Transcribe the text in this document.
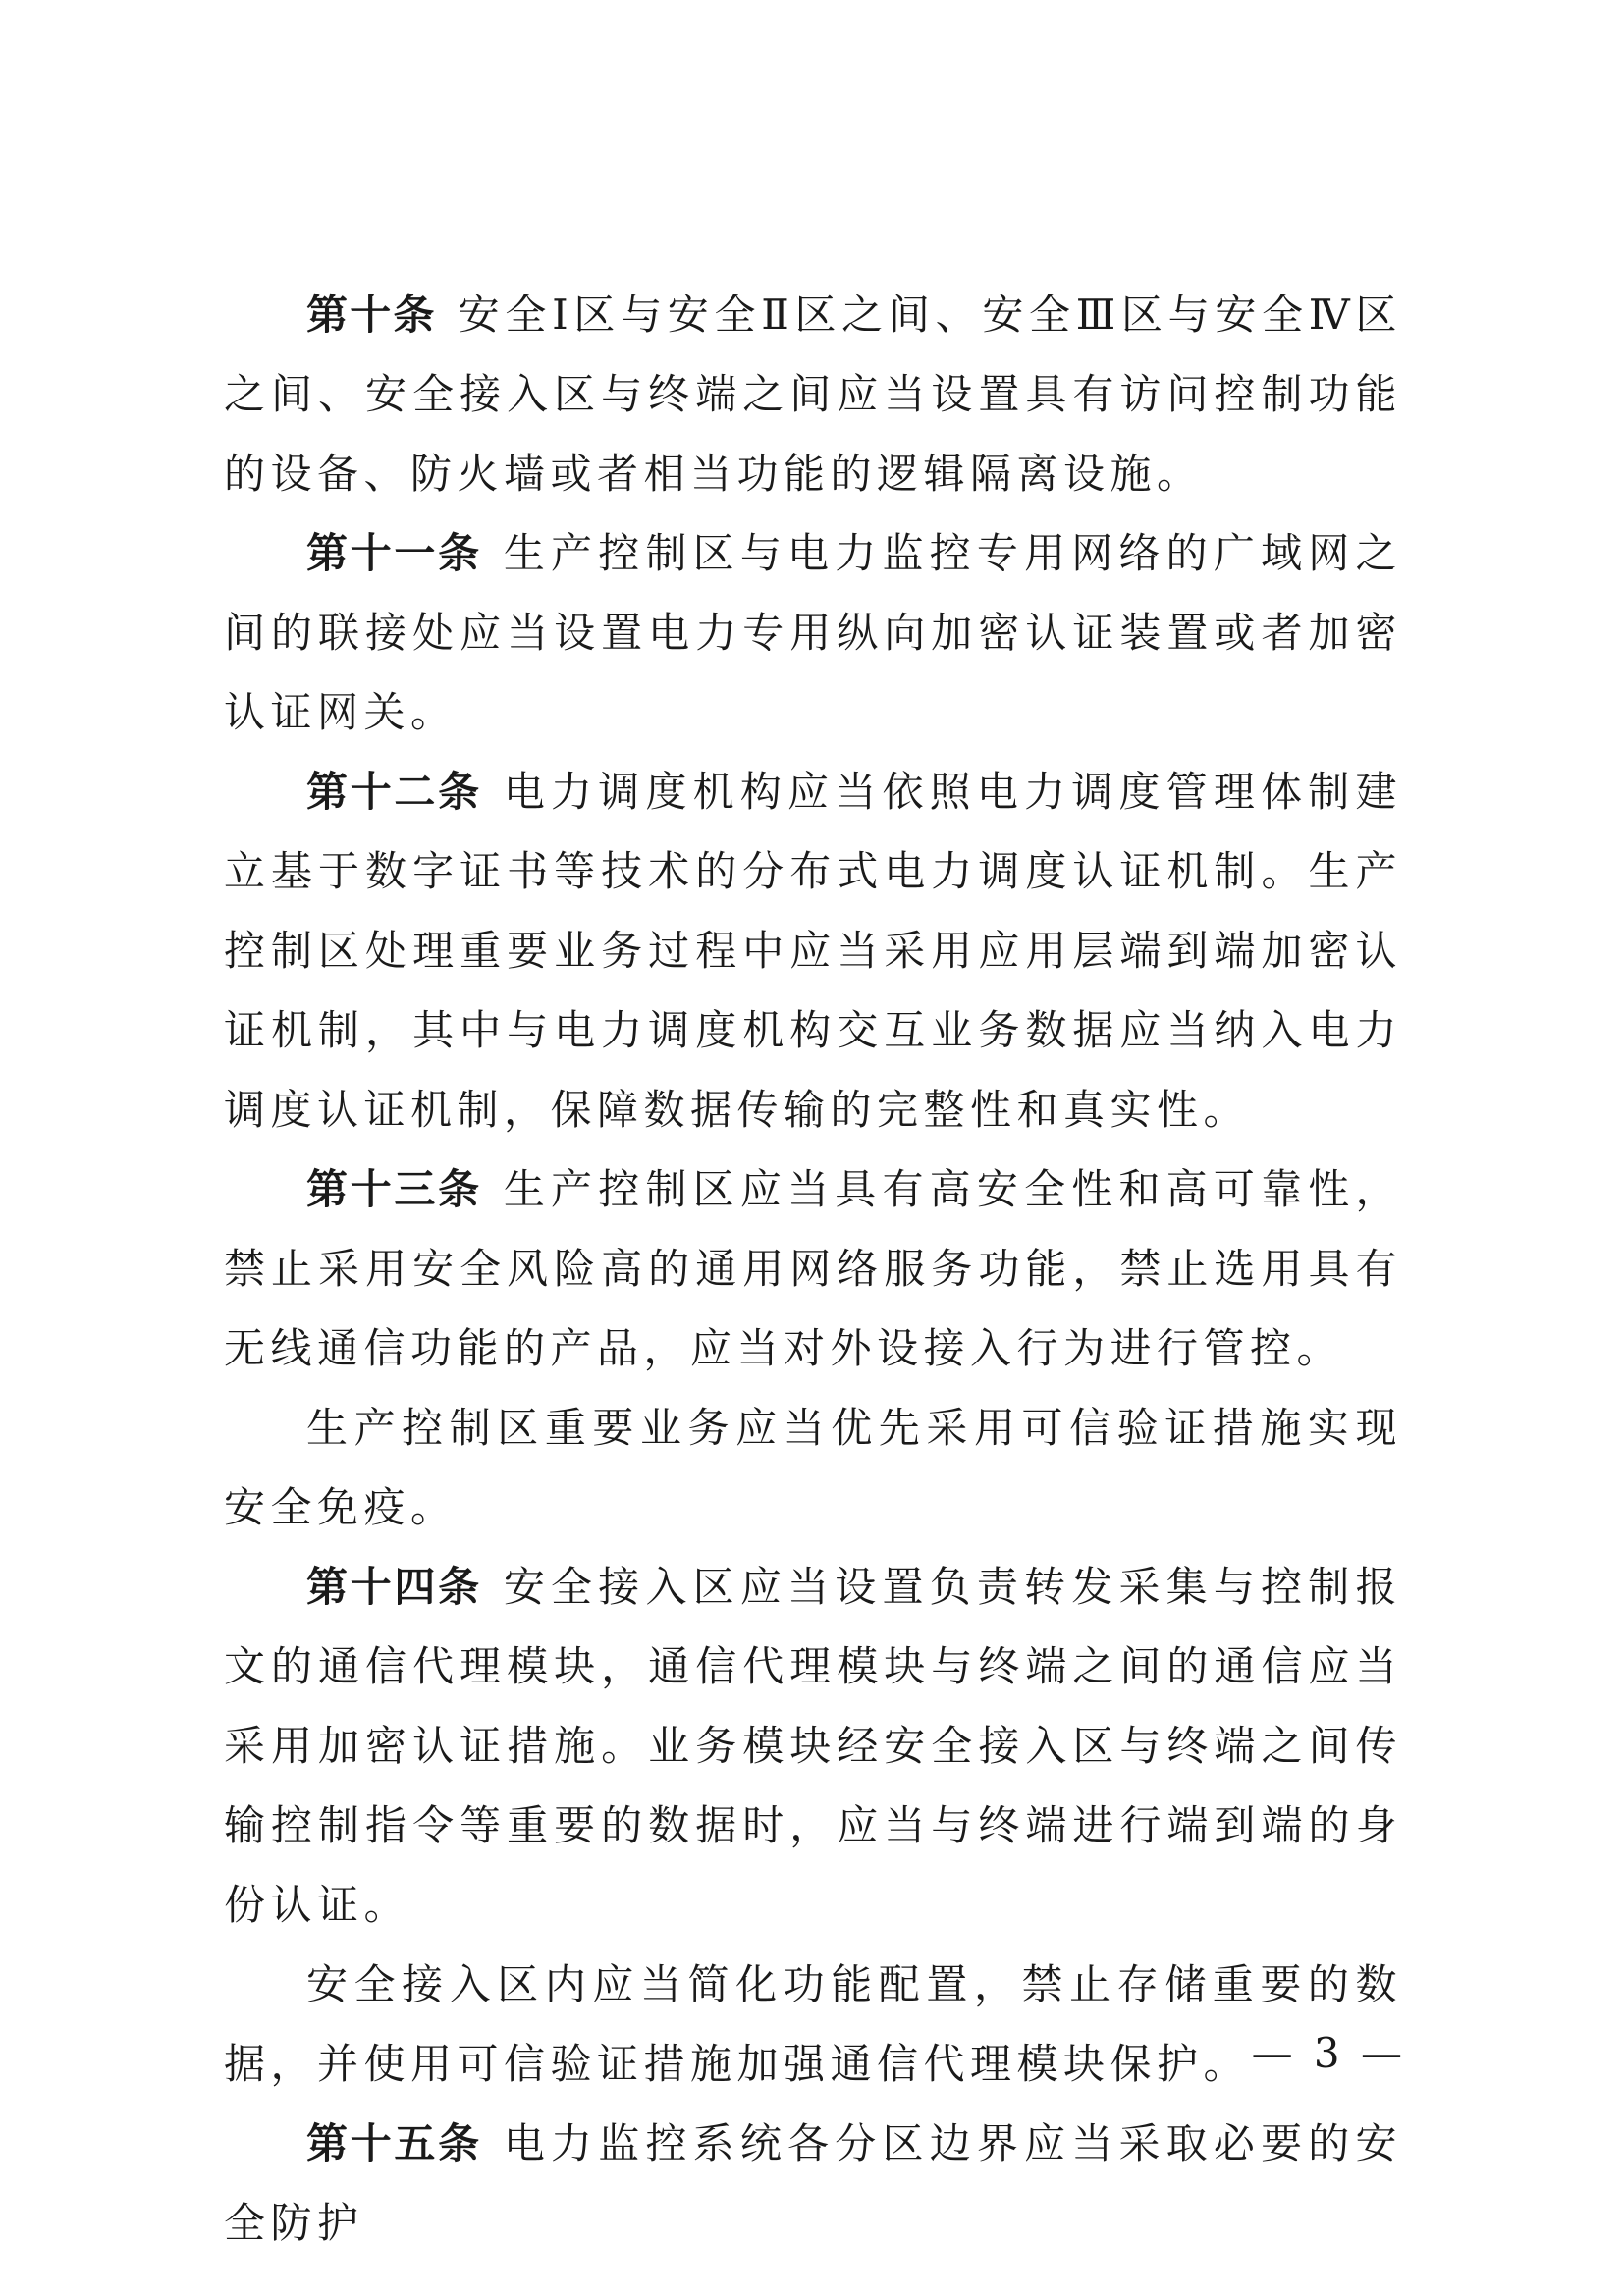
第十条 安全Ⅰ区与安全Ⅱ区之间、安全Ⅲ区与安全Ⅳ区之间、安全接入区与终端之间应当设置具有访问控制功能的设备、防火墙或者相当功能的逻辑隔离设施。

第十一条 生产控制区与电力监控专用网络的广域网之间的联接处应当设置电力专用纵向加密认证装置或者加密认证网关。

第十二条 电力调度机构应当依照电力调度管理体制建立基于数字证书等技术的分布式电力调度认证机制。生产控制区处理重要业务过程中应当采用应用层端到端加密认证机制，其中与电力调度机构交互业务数据应当纳入电力调度认证机制，保障数据传输的完整性和真实性。

第十三条 生产控制区应当具有高安全性和高可靠性，禁止采用安全风险高的通用网络服务功能，禁止选用具有无线通信功能的产品，应当对外设接入行为进行管控。

生产控制区重要业务应当优先采用可信验证措施实现安全免疫。

第十四条 安全接入区应当设置负责转发采集与控制报文的通信代理模块，通信代理模块与终端之间的通信应当采用加密认证措施。业务模块经安全接入区与终端之间传输控制指令等重要的数据时，应当与终端进行端到端的身份认证。

安全接入区内应当简化功能配置，禁止存储重要的数据，并使用可信验证措施加强通信代理模块保护。

第十五条 电力监控系统各分区边界应当采取必要的安全防护

— 3 —
